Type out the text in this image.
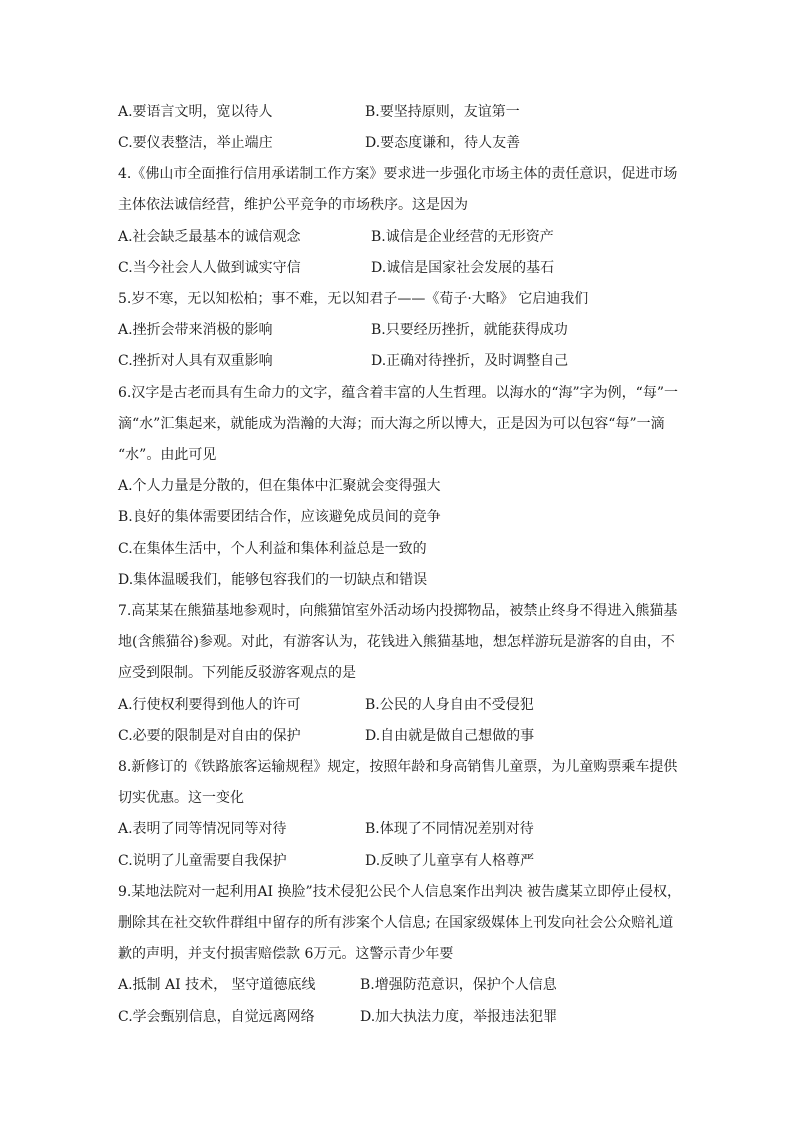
A.要语言文明，宽以待人	B.要坚持原则，友谊第一
C.要仪表整洁，举止端庄	D.要态度谦和，待人友善
4.《佛山市全面推行信用承诺制工作方案》要求进一步强化市场主体的责任意识，促进市场
主体依法诚信经营，维护公平竞争的市场秩序。这是因为
A.社会缺乏最基本的诚信观念	B.诚信是企业经营的无形资产
C.当今社会人人做到诚实守信	D.诚信是国家社会发展的基石
5.岁不寒，无以知松柏；事不难，无以知君子——《荀子·大略》 它启迪我们
A.挫折会带来消极的影响	B.只要经历挫折，就能获得成功
C.挫折对人具有双重影响	D.正确对待挫折，及时调整自己
6.汉字是古老而具有生命力的文字，蕴含着丰富的人生哲理。以海水的“海”字为例，“每”一
滴“水”汇集起来，就能成为浩瀚的大海；而大海之所以博大，正是因为可以包容“每”一滴
“水”。由此可见
A.个人力量是分散的，但在集体中汇聚就会变得强大
B.良好的集体需要团结合作，应该避免成员间的竞争
C.在集体生活中，个人利益和集体利益总是一致的
D.集体温暖我们，能够包容我们的一切缺点和错误
7.高某某在熊猫基地参观时，向熊猫馆室外活动场内投掷物品，被禁止终身不得进入熊猫基
地(含熊猫谷)参观。对此，有游客认为，花钱进入熊猫基地，想怎样游玩是游客的自由，不
应受到限制。下列能反驳游客观点的是
A.行使权利要得到他人的许可	B.公民的人身自由不受侵犯
C.必要的限制是对自由的保护	D.自由就是做自己想做的事
8.新修订的《铁路旅客运输规程》规定，按照年龄和身高销售儿童票，为儿童购票乘车提供
切实优惠。这一变化
A.表明了同等情况同等对待	B.体现了不同情况差别对待
C.说明了儿童需要自我保护	D.反映了儿童享有人格尊严
9.某地法院对一起利用AI 换脸”技术侵犯公民个人信息案作出判决 被告虞某立即停止侵权，
删除其在社交软件群组中留存的所有涉案个人信息; 在国家级媒体上刊发向社会公众赔礼道
歉的声明，并支付损害赔偿款 6万元。这警示青少年要
A.抵制 AI 技术， 坚守道德底线	B.增强防范意识，保护个人信息
C.学会甄别信息，自觉远离网络	D.加大执法力度，举报违法犯罪
